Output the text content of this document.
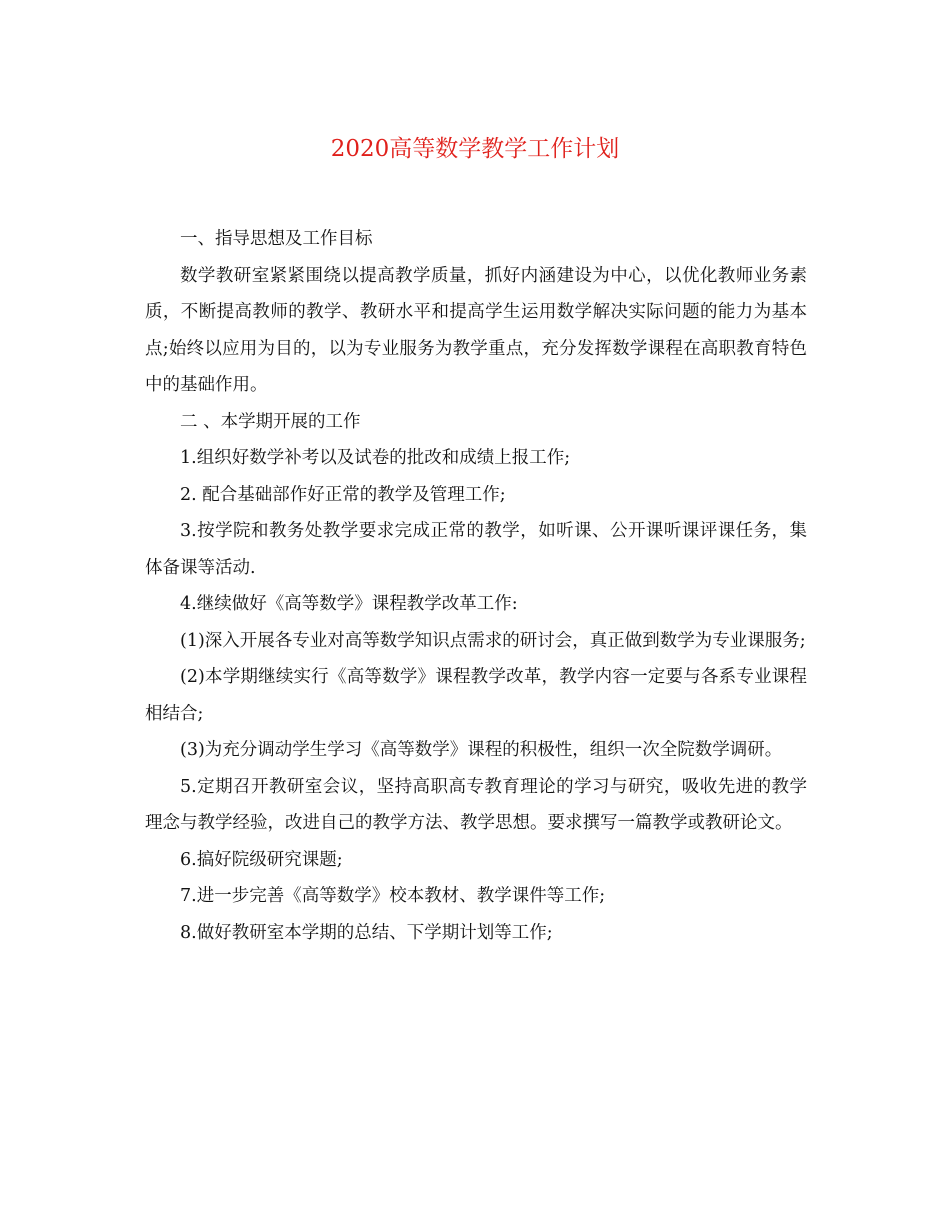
2020高等数学教学工作计划

一、指导思想及工作目标

数学教研室紧紧围绕以提高教学质量，抓好内涵建设为中心，以优化教师业务素质，不断提高教师的教学、教研水平和提高学生运用数学解决实际问题的能力为基本点;始终以应用为目的，以为专业服务为教学重点，充分发挥数学课程在高职教育特色中的基础作用。

二 、本学期开展的工作

1.组织好数学补考以及试卷的批改和成绩上报工作;

2. 配合基础部作好正常的教学及管理工作;

3.按学院和教务处教学要求完成正常的教学，如听课、公开课听课评课任务，集体备课等活动.

4.继续做好《高等数学》课程教学改革工作:

(1)深入开展各专业对高等数学知识点需求的研讨会，真正做到数学为专业课服务;

(2)本学期继续实行《高等数学》课程教学改革，教学内容一定要与各系专业课程相结合;

(3)为充分调动学生学习《高等数学》课程的积极性，组织一次全院数学调研。

5.定期召开教研室会议，坚持高职高专教育理论的学习与研究，吸收先进的教学理念与教学经验，改进自己的教学方法、教学思想。要求撰写一篇教学或教研论文。

6.搞好院级研究课题;

7.进一步完善《高等数学》校本教材、教学课件等工作;

8.做好教研室本学期的总结、下学期计划等工作;
